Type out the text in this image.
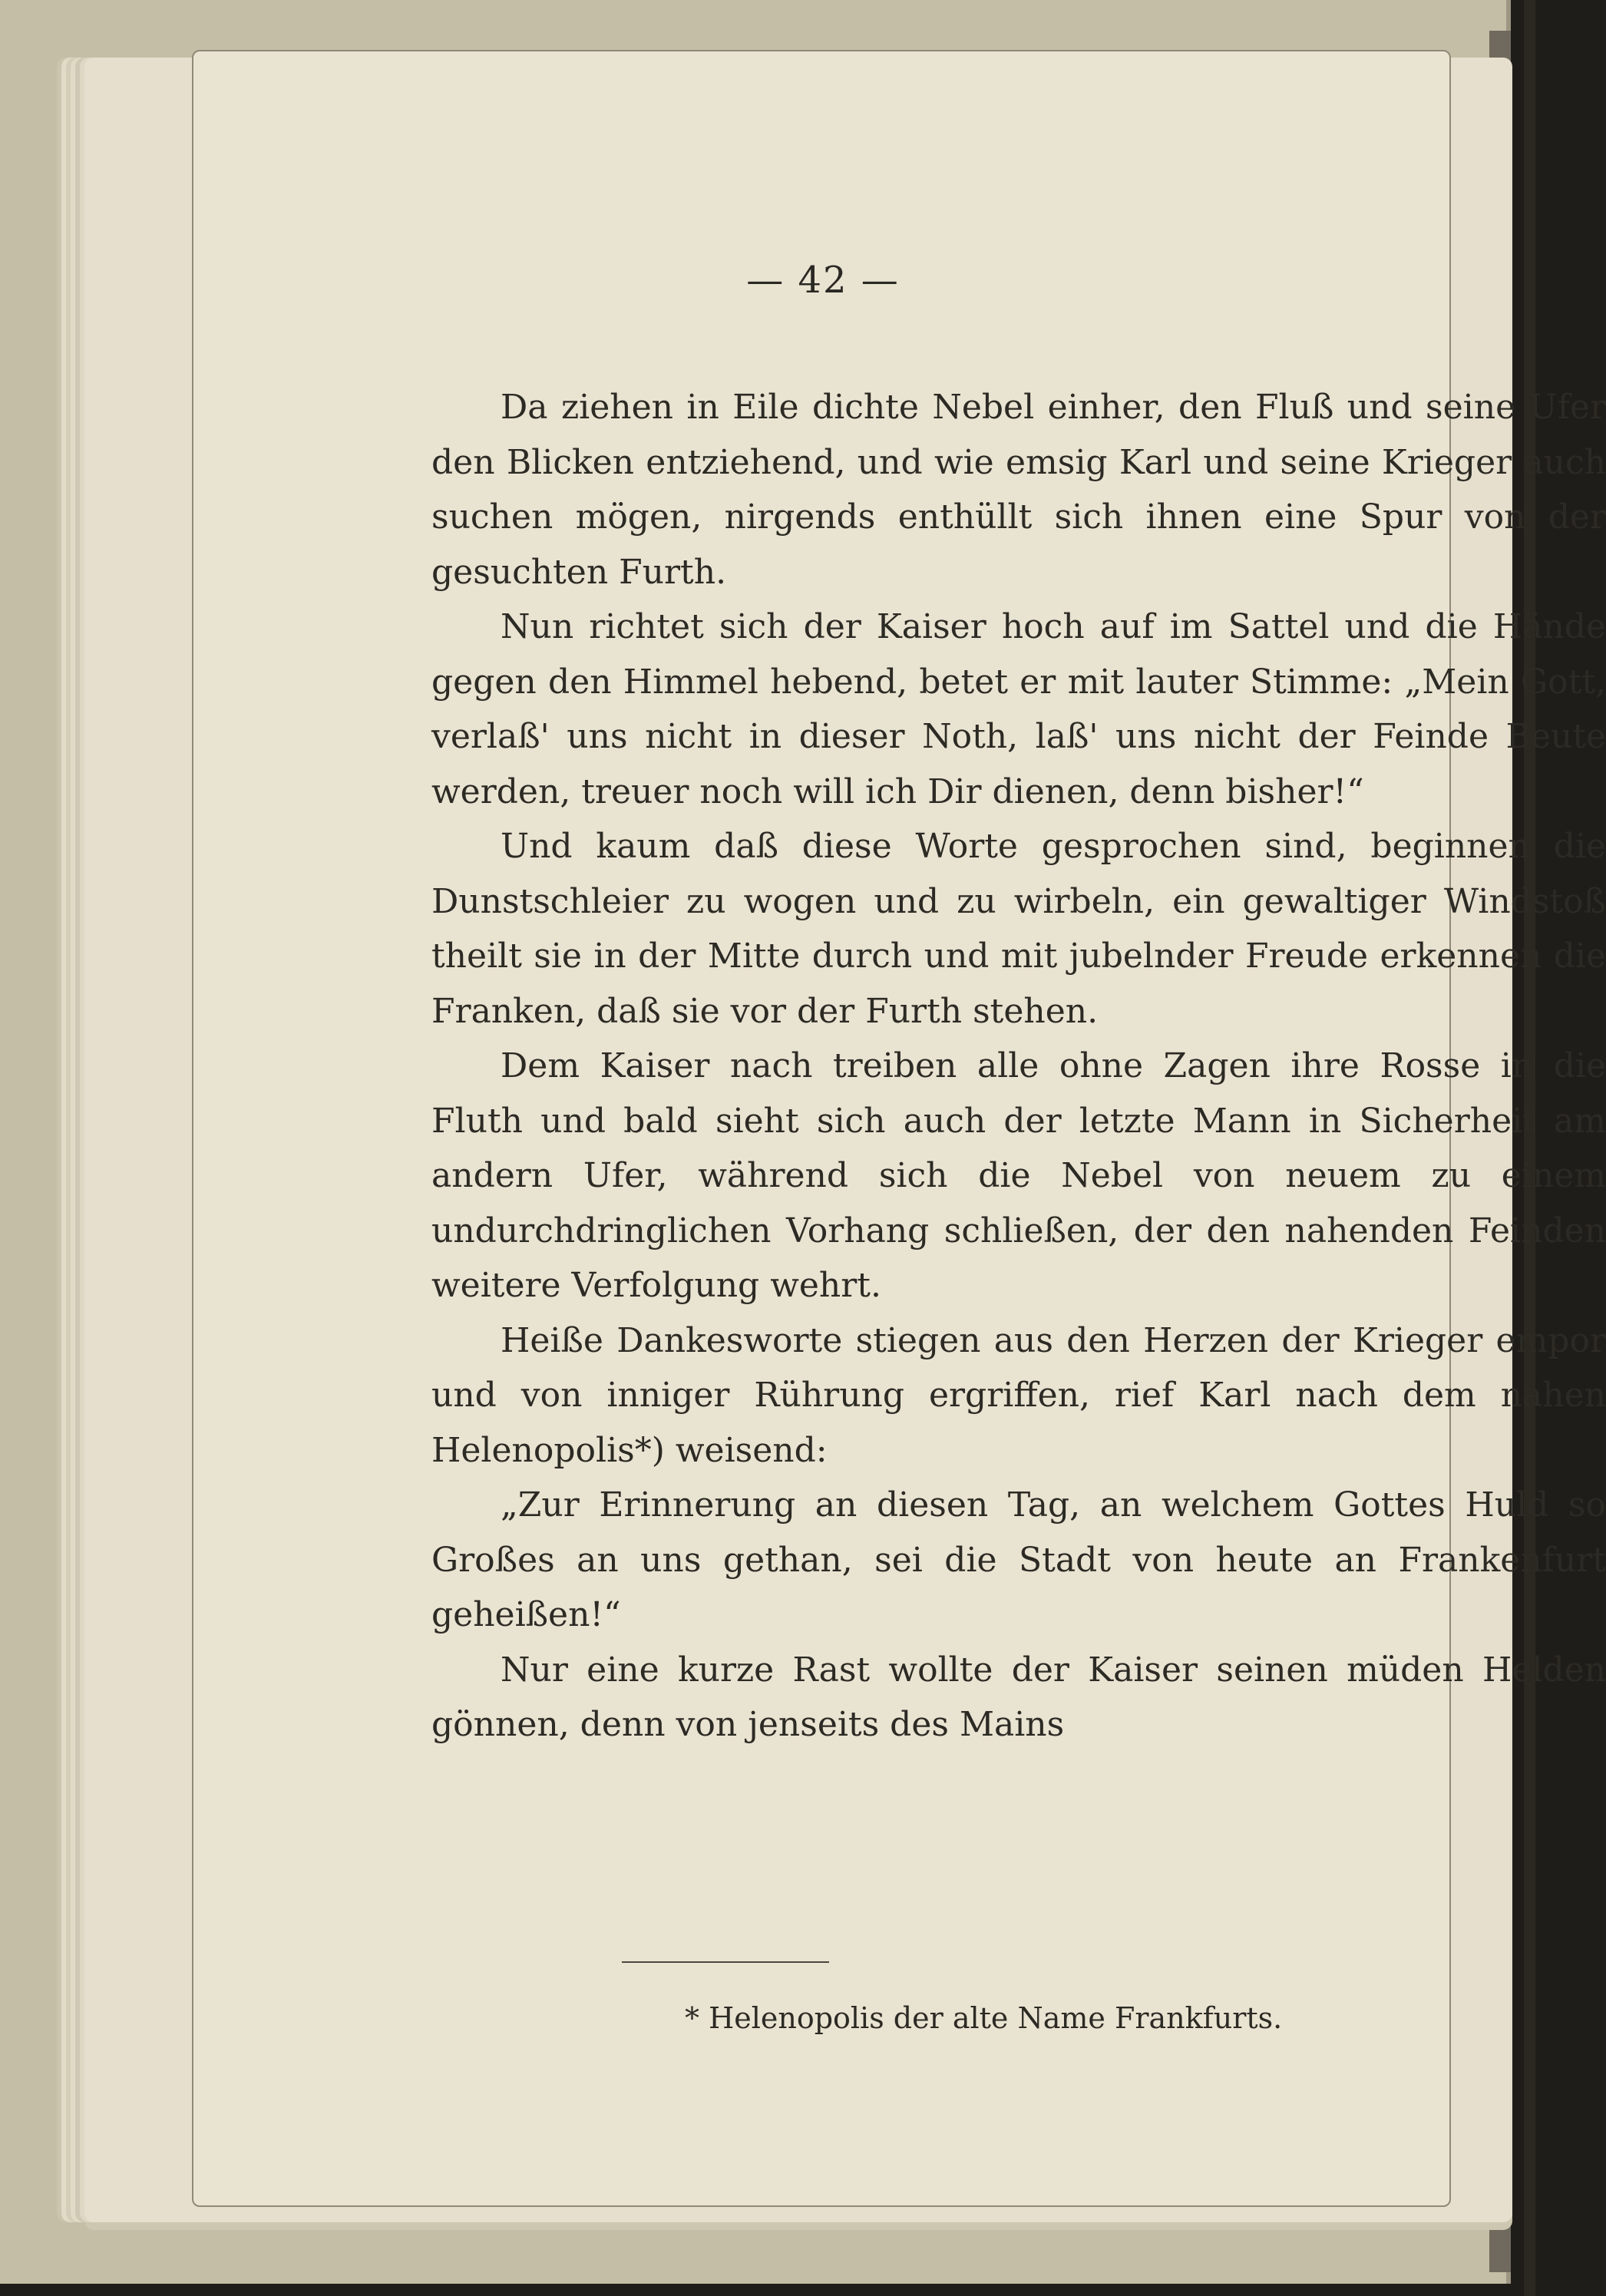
— 42 —

Da ziehen in Eile dichte Nebel einher, den Fluß und seine Ufer den Blicken entziehend, und wie emsig Karl und seine Krieger auch suchen mögen, nirgends enthüllt sich ihnen eine Spur von der gesuchten Furth.

Nun richtet sich der Kaiser hoch auf im Sattel und die Hände gegen den Himmel hebend, betet er mit lauter Stimme: „Mein Gott, verlaß' uns nicht in dieser Noth, laß' uns nicht der Feinde Beute werden, treuer noch will ich Dir dienen, denn bisher!“

Und kaum daß diese Worte gesprochen sind, beginnen die Dunstschleier zu wogen und zu wirbeln, ein gewaltiger Windstoß theilt sie in der Mitte durch und mit jubelnder Freude erkennen die Franken, daß sie vor der Furth stehen.

Dem Kaiser nach treiben alle ohne Zagen ihre Rosse in die Fluth und bald sieht sich auch der letzte Mann in Sicherheit am andern Ufer, während sich die Nebel von neuem zu einem undurchdringlichen Vorhang schließen, der den nahenden Feinden weitere Verfolgung wehrt.

Heiße Dankesworte stiegen aus den Herzen der Krieger empor und von inniger Rührung ergriffen, rief Karl nach dem nahen Helenopolis*) weisend:

„Zur Erinnerung an diesen Tag, an welchem Gottes Huld so Großes an uns gethan, sei die Stadt von heute an Frankenfurt geheißen!“

Nur eine kurze Rast wollte der Kaiser seinen müden Helden gönnen, denn von jenseits des Mains

* Helenopolis der alte Name Frankfurts.
